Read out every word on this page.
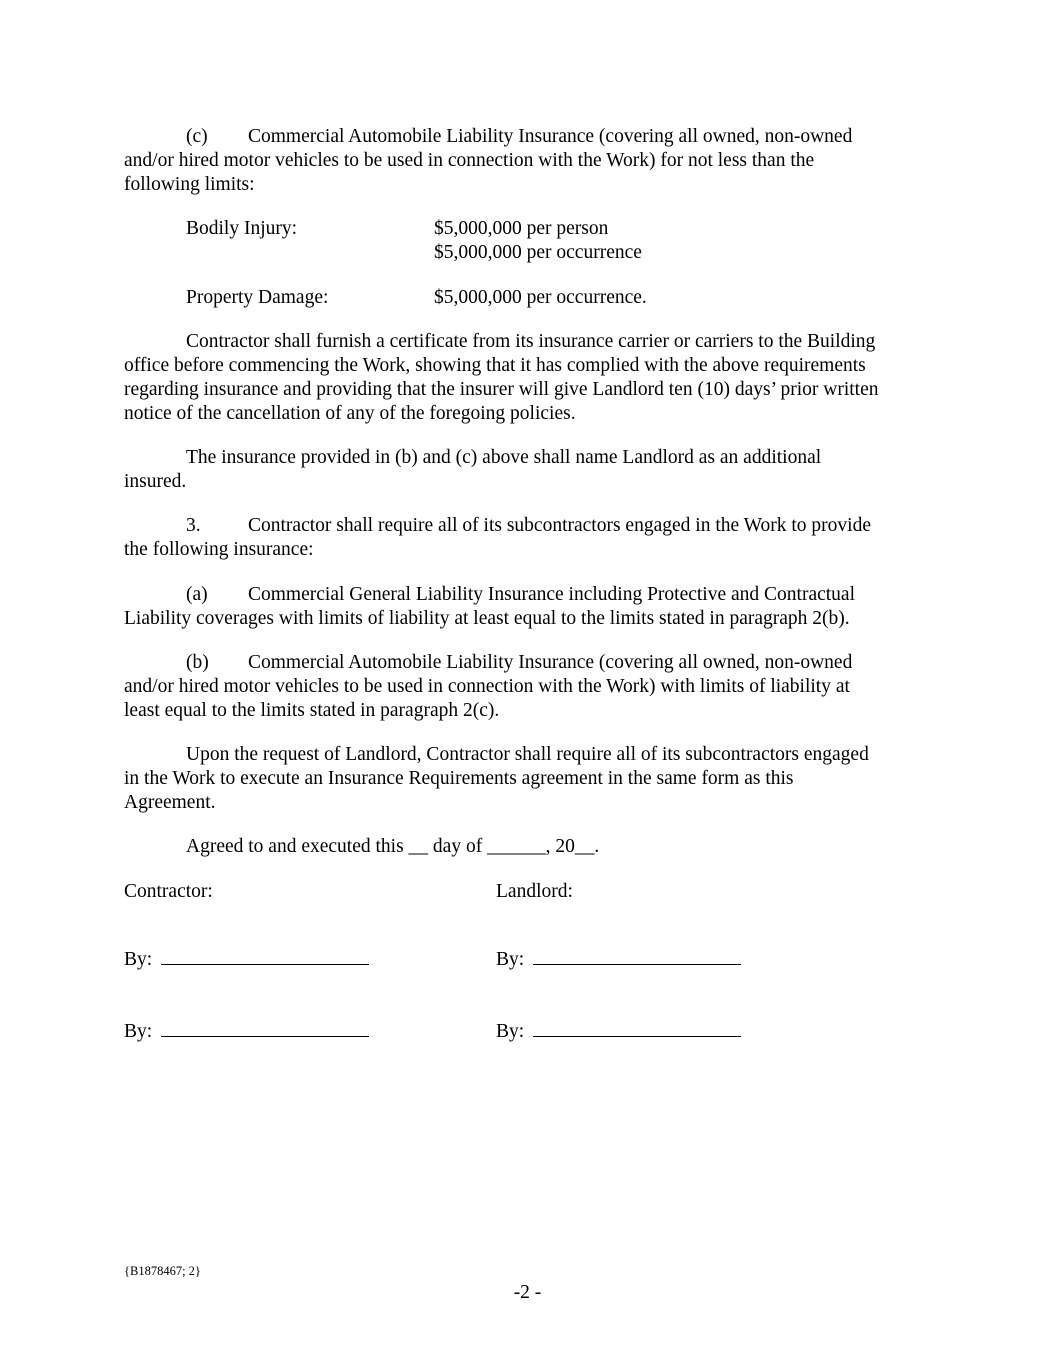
(c) Commercial Automobile Liability Insurance (covering all owned, non-owned
and/or hired motor vehicles to be used in connection with the Work) for not less than the
following limits:
Bodily Injury:	$5,000,000 per person
$5,000,000 per occurrence
Property Damage:	$5,000,000 per occurrence.
Contractor shall furnish a certificate from its insurance carrier or carriers to the Building
office before commencing the Work, showing that it has complied with the above requirements
regarding insurance and providing that the insurer will give Landlord ten (10) days’ prior written
notice of the cancellation of any of the foregoing policies.
The insurance provided in (b) and (c) above shall name Landlord as an additional
insured.
3. Contractor shall require all of its subcontractors engaged in the Work to provide
the following insurance:
(a) Commercial General Liability Insurance including Protective and Contractual
Liability coverages with limits of liability at least equal to the limits stated in paragraph 2(b).
(b) Commercial Automobile Liability Insurance (covering all owned, non-owned
and/or hired motor vehicles to be used in connection with the Work) with limits of liability at
least equal to the limits stated in paragraph 2(c).
Upon the request of Landlord, Contractor shall require all of its subcontractors engaged
in the Work to execute an Insurance Requirements agreement in the same form as this
Agreement.
Agreed to and executed this __ day of ______, 20__.
Contractor:	Landlord:
By:	By:
By:	By:
{B1878467; 2}
-2 -
